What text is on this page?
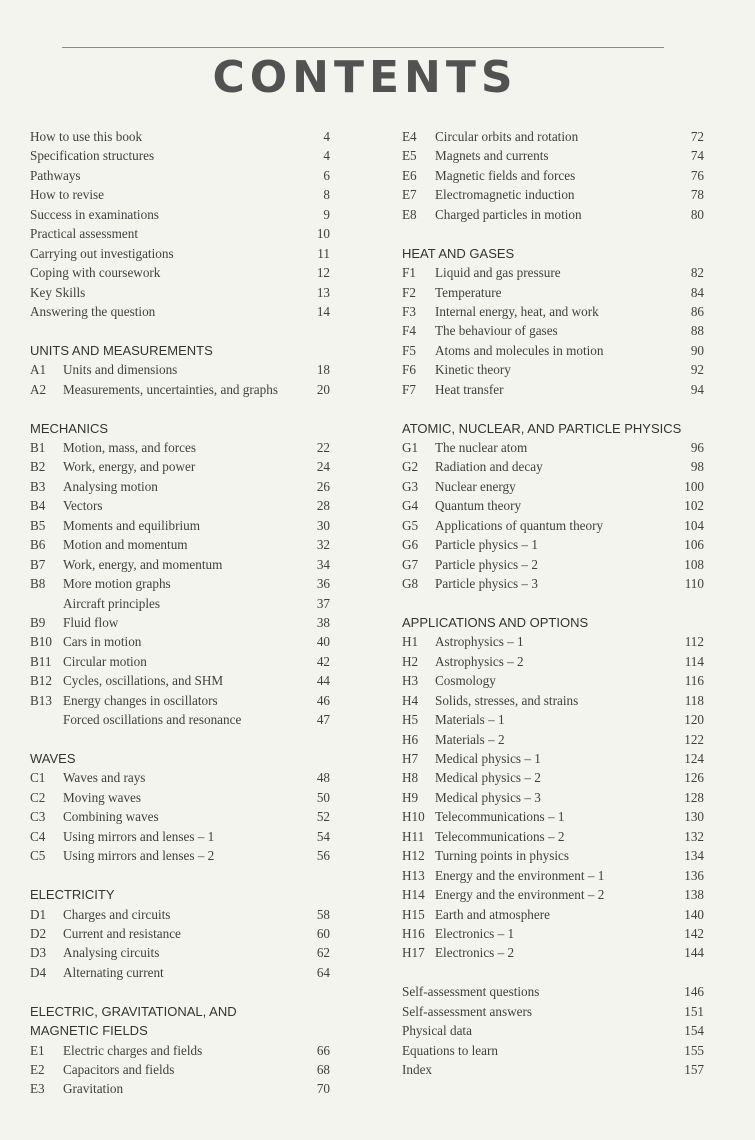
CONTENTS
How to use this book	4
Specification structures	4
Pathways	6
How to revise	8
Success in examinations	9
Practical assessment	10
Carrying out investigations	11
Coping with coursework	12
Key Skills	13
Answering the question	14
UNITS AND MEASUREMENTS
A1	Units and dimensions	18
A2	Measurements, uncertainties, and graphs	20
MECHANICS
B1	Motion, mass, and forces	22
B2	Work, energy, and power	24
B3	Analysing motion	26
B4	Vectors	28
B5	Moments and equilibrium	30
B6	Motion and momentum	32
B7	Work, energy, and momentum	34
B8	More motion graphs	36
Aircraft principles	37
B9	Fluid flow	38
B10 Cars in motion	40
B11 Circular motion	42
B12 Cycles, oscillations, and SHM	44
B13 Energy changes in oscillators	46
Forced oscillations and resonance	47
WAVES
C1	Waves and rays	48
C2	Moving waves	50
C3	Combining waves	52
C4	Using mirrors and lenses – 1	54
C5	Using mirrors and lenses – 2	56
ELECTRICITY
D1	Charges and circuits	58
D2	Current and resistance	60
D3	Analysing circuits	62
D4	Alternating current	64
ELECTRIC, GRAVITATIONAL, AND
MAGNETIC FIELDS
E1	Electric charges and fields	66
E2	Capacitors and fields	68
E3	Gravitation	70
E4	Circular orbits and rotation	72
E5	Magnets and currents	74
E6	Magnetic fields and forces	76
E7	Electromagnetic induction	78
E8	Charged particles in motion	80
HEAT AND GASES
F1	Liquid and gas pressure	82
F2	Temperature	84
F3	Internal energy, heat, and work	86
F4	The behaviour of gases	88
F5	Atoms and molecules in motion	90
F6	Kinetic theory	92
F7	Heat transfer	94
ATOMIC, NUCLEAR, AND PARTICLE PHYSICS
G1	The nuclear atom	96
G2	Radiation and decay	98
G3	Nuclear energy	100
G4	Quantum theory	102
G5	Applications of quantum theory	104
G6	Particle physics – 1	106
G7	Particle physics – 2	108
G8	Particle physics – 3	110
APPLICATIONS AND OPTIONS
H1	Astrophysics – 1	112
H2	Astrophysics – 2	114
H3	Cosmology	116
H4	Solids, stresses, and strains	118
H5	Materials – 1	120
H6	Materials – 2	122
H7	Medical physics – 1	124
H8	Medical physics – 2	126
H9	Medical physics – 3	128
H10 Telecommunications – 1	130
H11 Telecommunications – 2	132
H12 Turning points in physics	134
H13 Energy and the environment – 1	136
H14 Energy and the environment – 2	138
H15 Earth and atmosphere	140
H16 Electronics – 1	142
H17 Electronics – 2	144
Self-assessment questions	146
Self-assessment answers	151
Physical data	154
Equations to learn	155
Index	157
